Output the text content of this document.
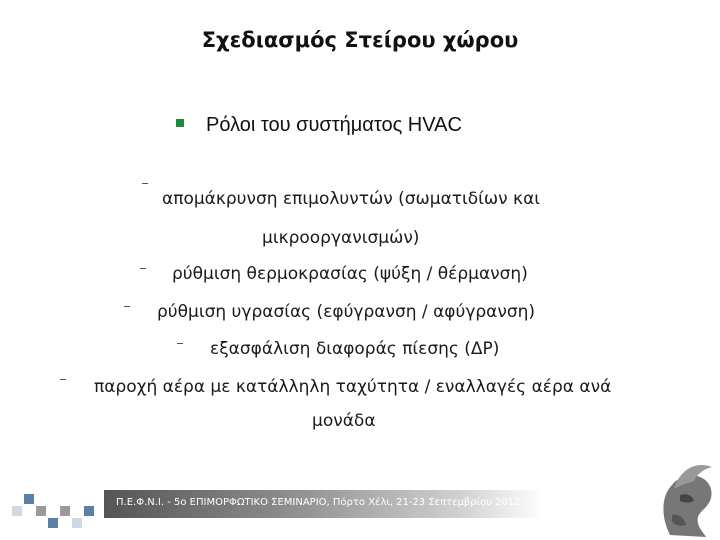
Σχεδιασμός Στείρου χώρου
Ρόλοι του συστήματος HVAC
απομάκρυνση επιμολυντών (σωματιδίων και
μικροοργανισμών)
ρύθμιση θερμοκρασίας (ψύξη / θέρμανση)
ρύθμιση υγρασίας (εφύγρανση / αφύγρανση)
εξασφάλιση διαφοράς πίεσης (ΔP)
παροχή αέρα με κατάλληλη ταχύτητα / εναλλαγές αέρα ανά
μονάδα
Π.Ε.Φ.Ν.Ι. - 5ο ΕΠΙΜΟΡΦΩΤΙΚΟ ΣΕΜΙΝΑΡΙΟ, Πόρτο Χέλι, 21-23 Σεπτεμβρίου 2012
